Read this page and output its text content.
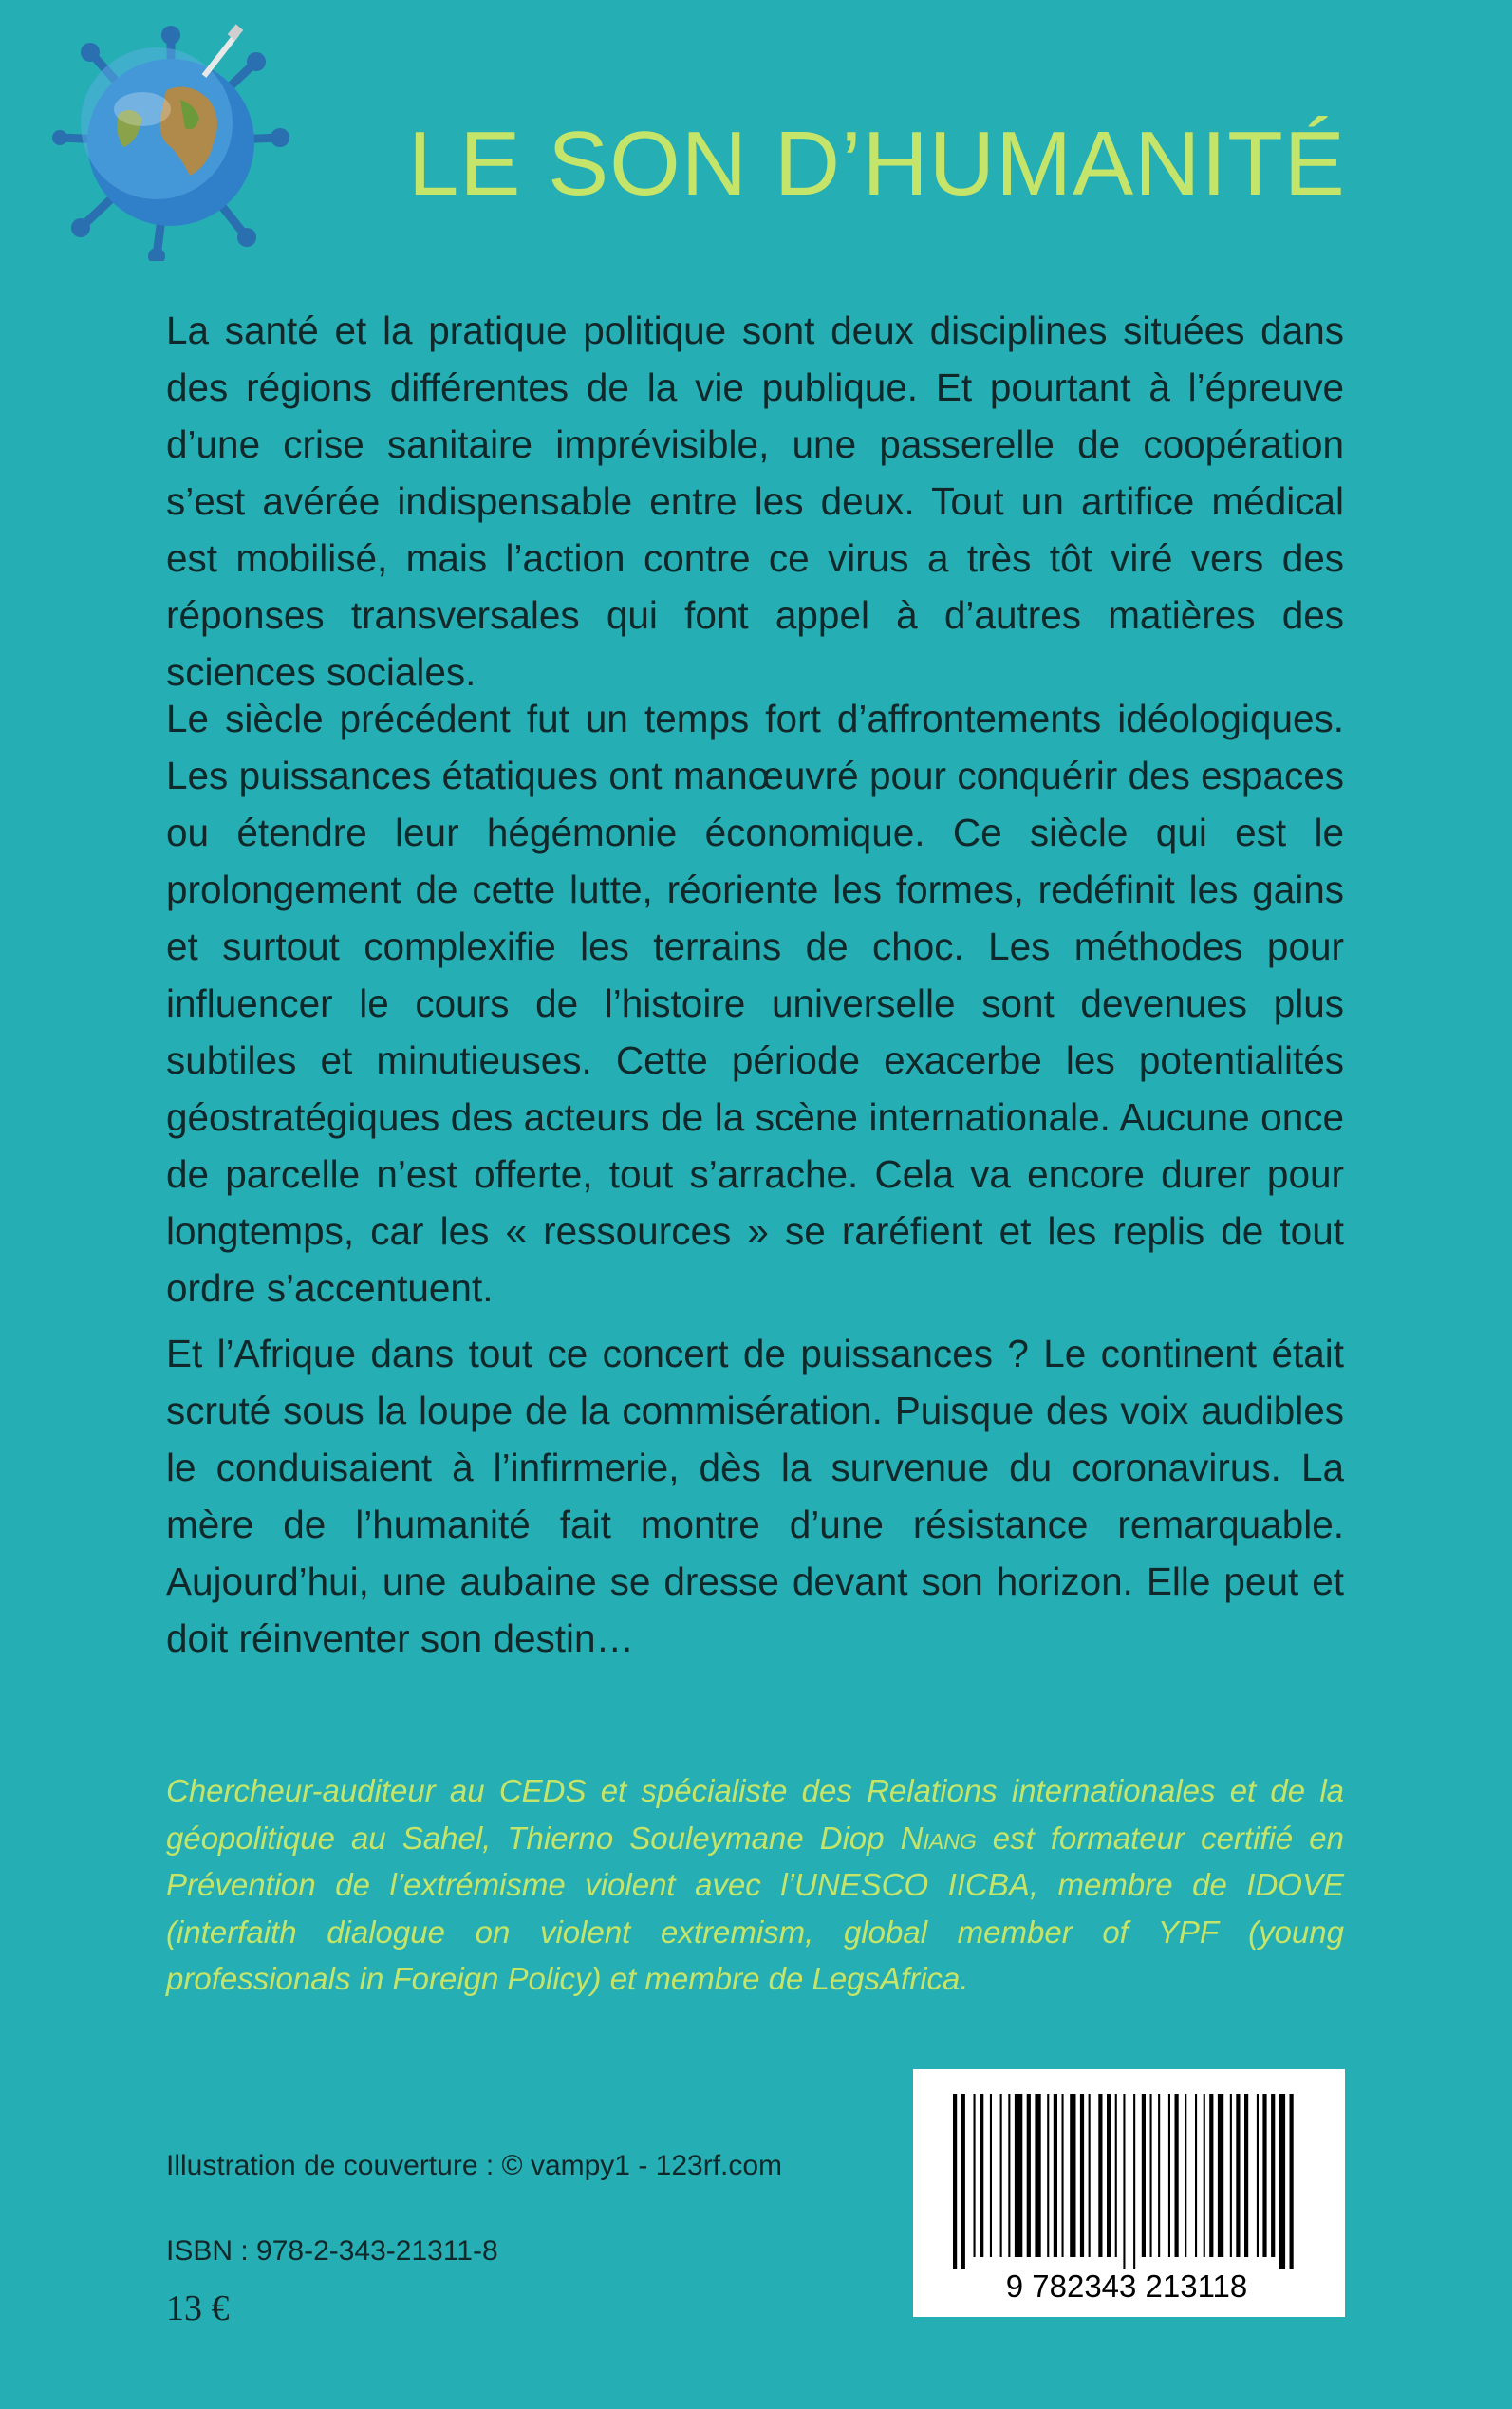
LE SON D’HUMANITÉ

La santé et la pratique politique sont deux disciplines situées dans des régions différentes de la vie publique. Et pourtant à l’épreuve d’une crise sanitaire imprévisible, une passerelle de coopération s’est avérée indispensable entre les deux. Tout un artifice médical est mobilisé, mais l’action contre ce virus a très tôt viré vers des réponses transversales qui font appel à d’autres matières des sciences sociales.

Le siècle précédent fut un temps fort d’affrontements idéologiques. Les puissances étatiques ont manœuvré pour conquérir des espaces ou étendre leur hégémonie économique. Ce siècle qui est le prolongement de cette lutte, réoriente les formes, redéfinit les gains et surtout complexifie les terrains de choc. Les méthodes pour influencer le cours de l’histoire universelle sont devenues plus subtiles et minutieuses. Cette période exacerbe les potentialités géostratégiques des acteurs de la scène internationale. Aucune once de parcelle n’est offerte, tout s’arrache. Cela va encore durer pour longtemps, car les « ressources » se raréfient et les replis de tout ordre s’accentuent.

Et l’Afrique dans tout ce concert de puissances ? Le continent était scruté sous la loupe de la commisération. Puisque des voix audibles le conduisaient à l’infirmerie, dès la survenue du coronavirus. La mère de l’humanité fait montre d’une résistance remarquable. Aujourd’hui, une aubaine se dresse devant son horizon. Elle peut et doit réinventer son destin…

Chercheur-auditeur au CEDS et spécialiste des Relations internationales et de la géopolitique au Sahel, Thierno Souleymane Diop Niang est formateur certifié en Prévention de l’extrémisme violent avec l’UNESCO IICBA, membre de IDOVE (interfaith dialogue on violent extremism, global member of YPF (young professionals in Foreign Policy) et membre de LegsAfrica.

Illustration de couverture : © vampy1 - 123rf.com

ISBN : 978-2-343-21311-8

13 €

9 782343 213118
